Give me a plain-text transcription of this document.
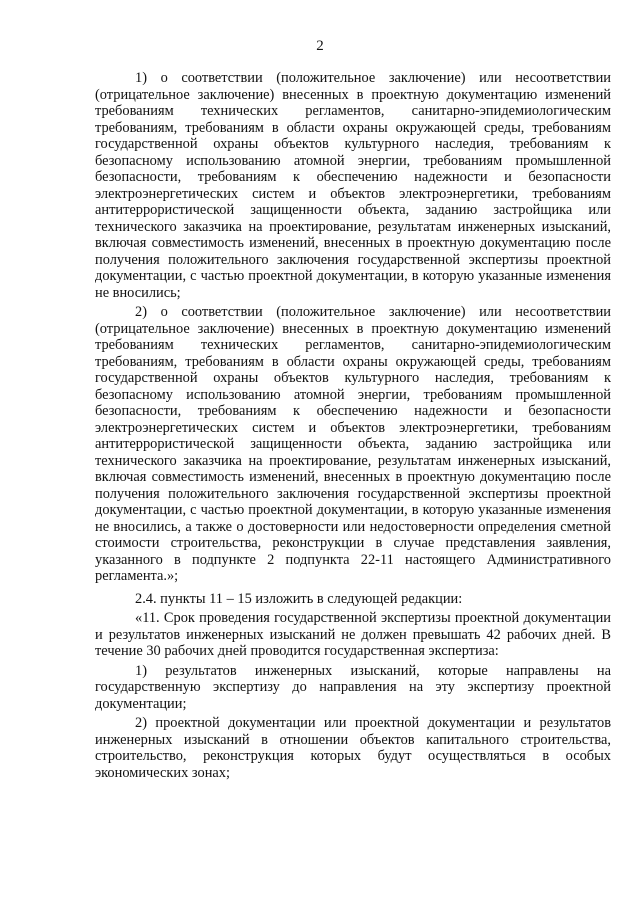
2

1) о соответствии (положительное заключение) или несоответствии (отрицательное заключение) внесенных в проектную документацию изменений требованиям технических регламентов, санитарно-эпидемиологическим требованиям, требованиям в области охраны окружающей среды, требованиям государственной охраны объектов культурного наследия, требованиям к безопасному использованию атомной энергии, требованиям промышленной безопасности, требованиям к обеспечению надежности и безопасности электроэнергетических систем и объектов электроэнергетики, требованиям антитеррористической защищенности объекта, заданию застройщика или технического заказчика на проектирование, результатам инженерных изысканий, включая совместимость изменений, внесенных в проектную документацию после получения положительного заключения государственной экспертизы проектной документации, с частью проектной документации, в которую указанные изменения не вносились;

2) о соответствии (положительное заключение) или несоответствии (отрицательное заключение) внесенных в проектную документацию изменений требованиям технических регламентов, санитарно-эпидемиологическим требованиям, требованиям в области охраны окружающей среды, требованиям государственной охраны объектов культурного наследия, требованиям к безопасному использованию атомной энергии, требованиям промышленной безопасности, требованиям к обеспечению надежности и безопасности электроэнергетических систем и объектов электроэнергетики, требованиям антитеррористической защищенности объекта, заданию застройщика или технического заказчика на проектирование, результатам инженерных изысканий, включая совместимость изменений, внесенных в проектную документацию после получения положительного заключения государственной экспертизы проектной документации, с частью проектной документации, в которую указанные изменения не вносились, а также о достоверности или недостоверности определения сметной стоимости строительства, реконструкции в случае представления заявления, указанного в подпункте 2 подпункта 22-11 настоящего Административного регламента.»;

2.4. пункты 11 – 15 изложить в следующей редакции:

«11. Срок проведения государственной экспертизы проектной документации и результатов инженерных изысканий не должен превышать 42 рабочих дней. В течение 30 рабочих дней проводится государственная экспертиза:

1) результатов инженерных изысканий, которые направлены на государственную экспертизу до направления на эту экспертизу проектной документации;

2) проектной документации или проектной документации и результатов инженерных изысканий в отношении объектов капитального строительства, строительство, реконструкция которых будут осуществляться в особых экономических зонах;
